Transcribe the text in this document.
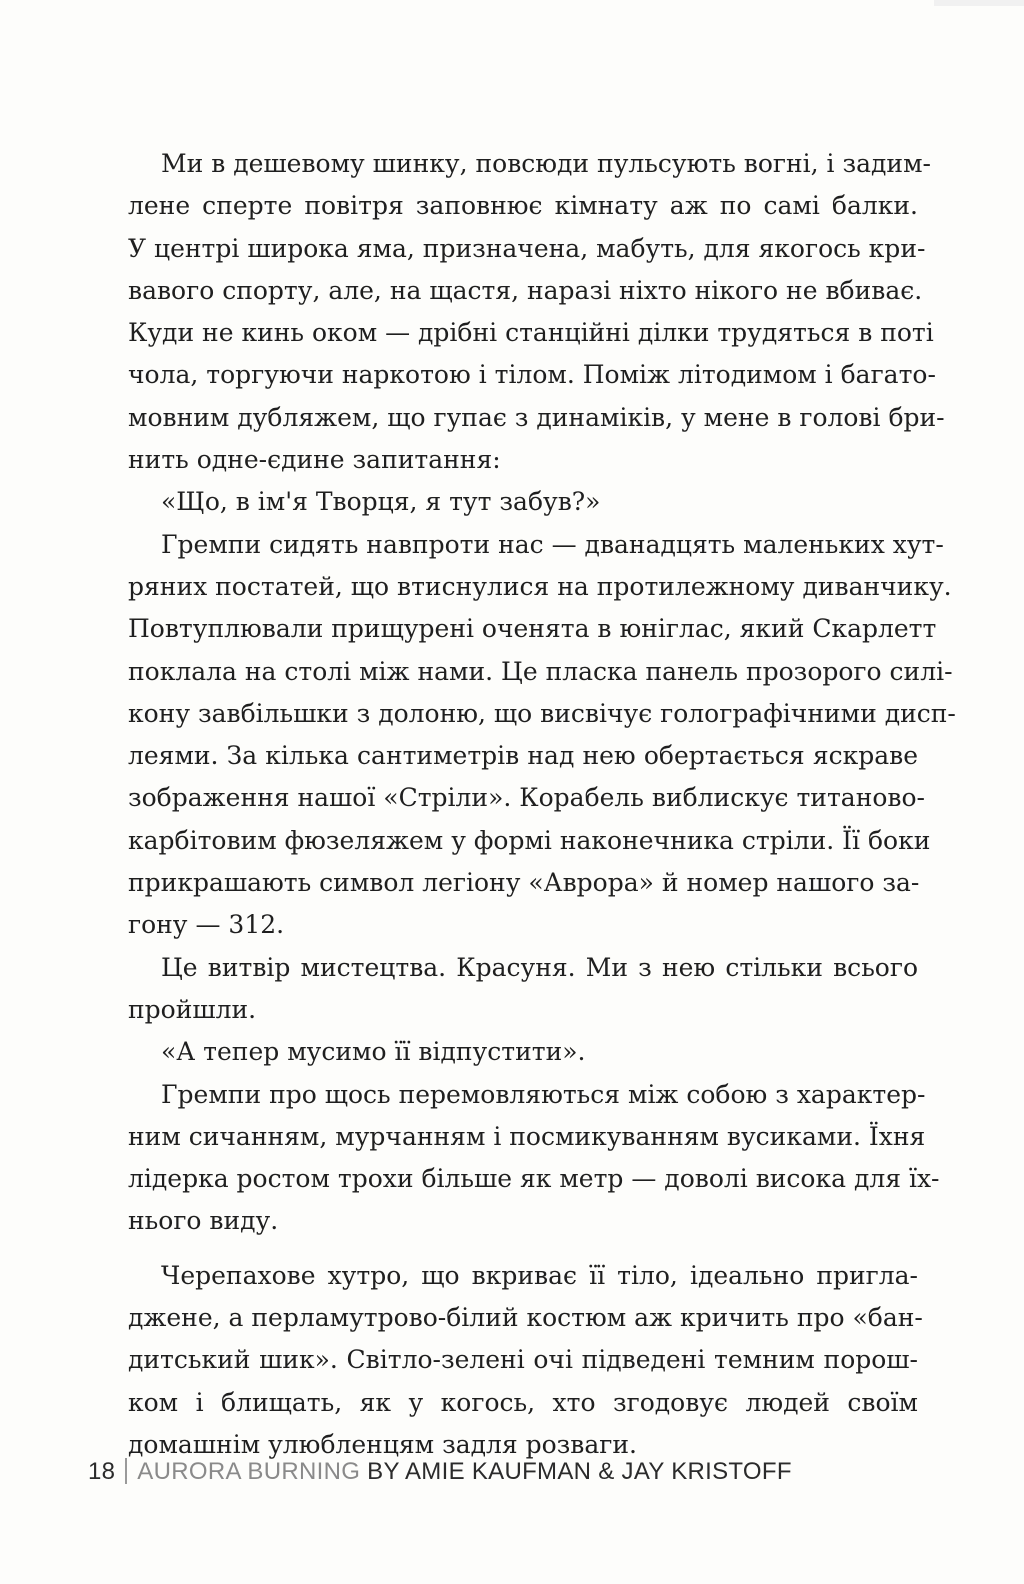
Ми в дешевому шинку, повсюди пульсують вогні, і задим-
лене сперте повітря заповнює кімнату аж по самі балки.
У центрі широка яма, призначена, мабуть, для якогось кри-
вавого спорту, але, на щастя, наразі ніхто нікого не вбиває.
Куди не кинь оком — дрібні станційні ділки трудяться в поті
чола, торгуючи наркотою і тілом. Поміж літодимом і багато-
мовним дубляжем, що гупає з динаміків, у мене в голові бри-
нить одне-єдине запитання:
«Що, в ім'я Творця, я тут забув?»
Гремпи сидять навпроти нас — дванадцять маленьких хут-
ряних постатей, що втиснулися на протилежному диванчику.
Повтуплювали прищурені оченята в юніглас, який Скарлетт
поклала на столі між нами. Це пласка панель прозорого силі-
кону завбільшки з долоню, що висвічує голографічними дисп-
леями. За кілька сантиметрів над нею обертається яскраве
зображення нашої «Стріли». Корабель виблискує титаново-
карбітовим фюзеляжем у формі наконечника стріли. Її боки
прикрашають символ легіону «Аврора» й номер нашого за-
гону — 312.
Це витвір мистецтва. Красуня. Ми з нею стільки всього
пройшли.
«А тепер мусимо її відпустити».
Гремпи про щось перемовляються між собою з характер-
ним сичанням, мурчанням і посмикуванням вусиками. Їхня
лідерка ростом трохи більше як метр — доволі висока для їх-
нього виду.
Черепахове хутро, що вкриває її тіло, ідеально пригла-
джене, а перламутрово-білий костюм аж кричить про «бан-
дитський шик». Світло-зелені очі підведені темним порош-
ком і блищать, як у когось, хто згодовує людей своїм
домашнім улюбленцям задля розваги.
18 AURORA BURNING BY AMIE KAUFMAN & JAY KRISTOFF
